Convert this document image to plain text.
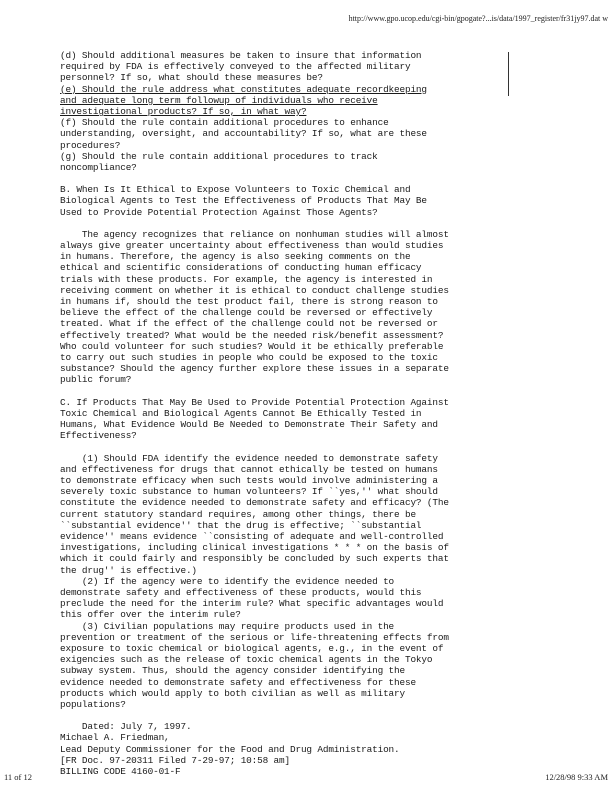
http://www.gpo.ucop.edu/cgi-bin/gpogate?...is/data/1997_register/fr31jy97.dat w
(d) Should additional measures be taken to insure that information
required by FDA is effectively conveyed to the affected military
personnel? If so, what should these measures be?
(e) Should the rule address what constitutes adequate recordkeeping
and adequate long term followup of individuals who receive
investigational products? If so, in what way?
(f) Should the rule contain additional procedures to enhance
understanding, oversight, and accountability? If so, what are these
procedures?
(g) Should the rule contain additional procedures to track
noncompliance?
B. When Is It Ethical to Expose Volunteers to Toxic Chemical and
Biological Agents to Test the Effectiveness of Products That May Be
Used to Provide Potential Protection Against Those Agents?
The agency recognizes that reliance on nonhuman studies will almost
always give greater uncertainty about effectiveness than would studies
in humans. Therefore, the agency is also seeking comments on the
ethical and scientific considerations of conducting human efficacy
trials with these products. For example, the agency is interested in
receiving comment on whether it is ethical to conduct challenge studies
in humans if, should the test product fail, there is strong reason to
believe the effect of the challenge could be reversed or effectively
treated. What if the effect of the challenge could not be reversed or
effectively treated? What would be the needed risk/benefit assessment?
Who could volunteer for such studies? Would it be ethically preferable
to carry out such studies in people who could be exposed to the toxic
substance? Should the agency further explore these issues in a separate
public forum?
C. If Products That May Be Used to Provide Potential Protection Against
Toxic Chemical and Biological Agents Cannot Be Ethically Tested in
Humans, What Evidence Would Be Needed to Demonstrate Their Safety and
Effectiveness?
(1) Should FDA identify the evidence needed to demonstrate safety
and effectiveness for drugs that cannot ethically be tested on humans
to demonstrate efficacy when such tests would involve administering a
severely toxic substance to human volunteers? If ``yes,'' what should
constitute the evidence needed to demonstrate safety and efficacy? (The
current statutory standard requires, among other things, there be
``substantial evidence'' that the drug is effective; ``substantial
evidence'' means evidence ``consisting of adequate and well-controlled
investigations, including clinical investigations * * * on the basis of
which it could fairly and responsibly be concluded by such experts that
the drug'' is effective.)
(2) If the agency were to identify the evidence needed to
demonstrate safety and effectiveness of these products, would this
preclude the need for the interim rule? What specific advantages would
this offer over the interim rule?
(3) Civilian populations may require products used in the
prevention or treatment of the serious or life-threatening effects from
exposure to toxic chemical or biological agents, e.g., in the event of
exigencies such as the release of toxic chemical agents in the Tokyo
subway system. Thus, should the agency consider identifying the
evidence needed to demonstrate safety and effectiveness for these
products which would apply to both civilian as well as military
populations?
Dated: July 7, 1997.
Michael A. Friedman,
Lead Deputy Commissioner for the Food and Drug Administration.
[FR Doc. 97-20311 Filed 7-29-97; 10:58 am]
BILLING CODE 4160-01-F
11 of 12	12/28/98 9:33 AM
